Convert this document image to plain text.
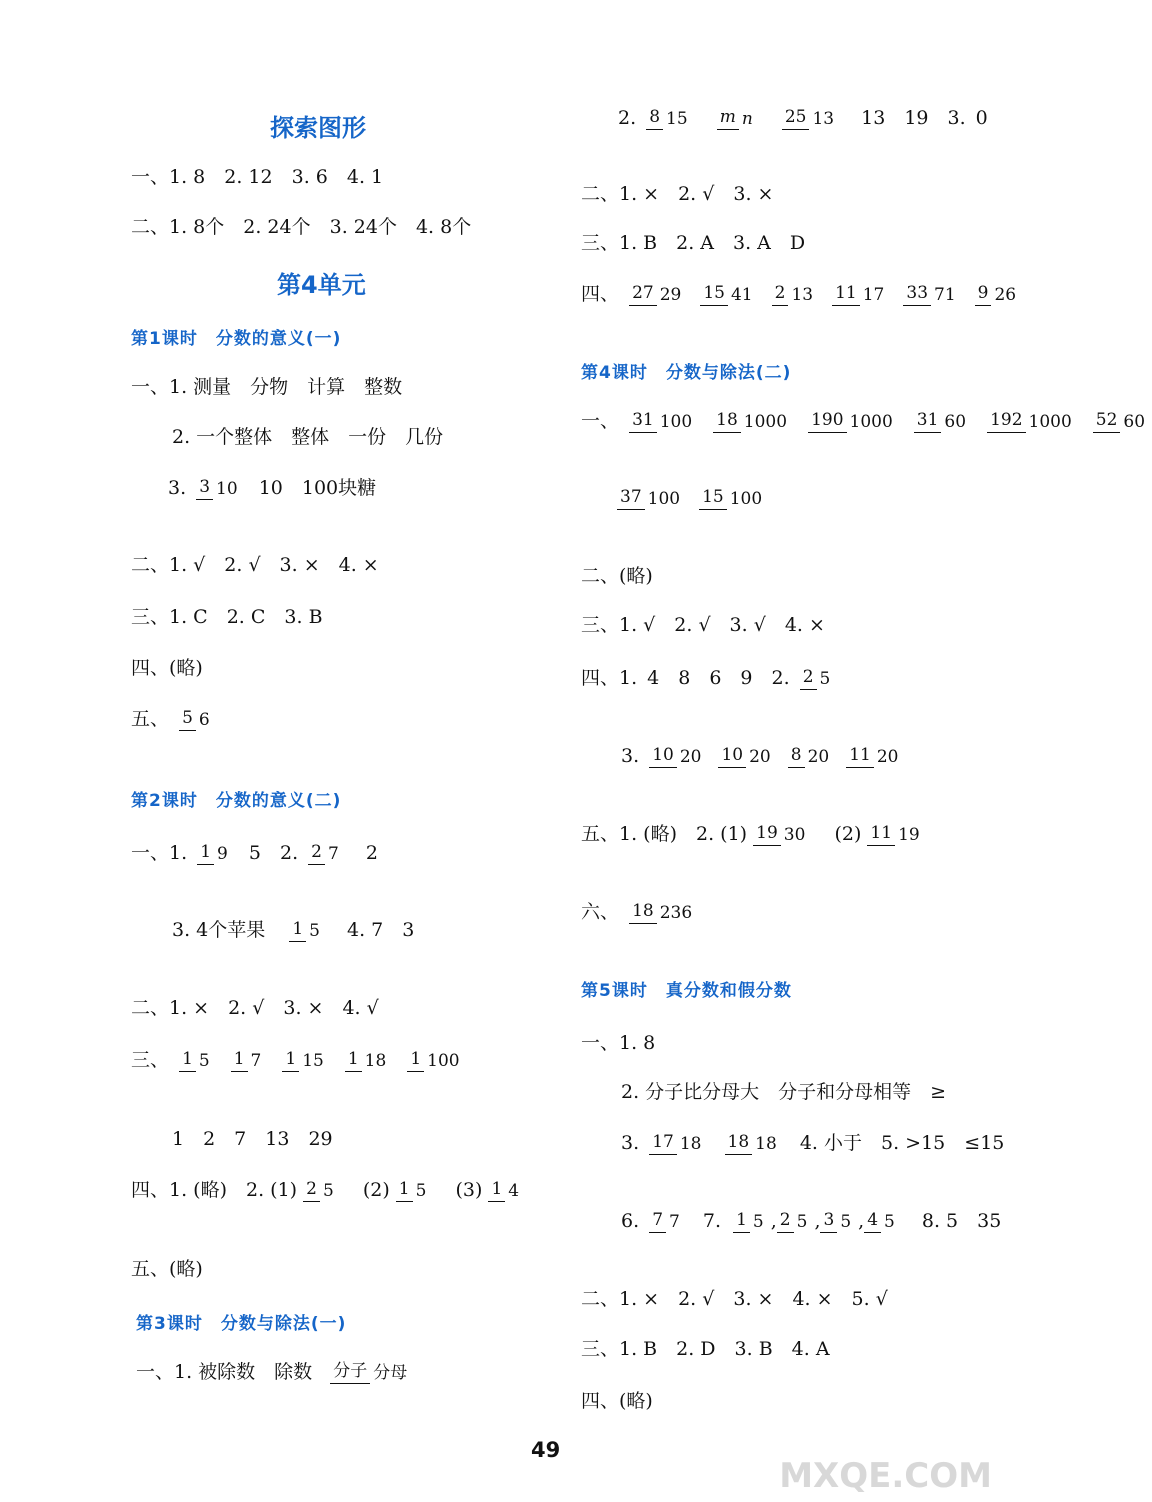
探索图形
一、1. 8　2. 12　3. 6　4. 1
二、1. 8个　2. 24个　3. 24个　4. 8个
第4单元
第1课时　分数的意义(一)
一、1. 测量　分物　计算　整数
2. 一个整体　整体　一份　几份
3. 3 10 10　100块糖
二、1. √　2. √　3. ×　4. ×
三、1. C　2. C　3. B
四、(略)
五、 5 6
第2课时　分数的意义(二)
一、1. 1 9 5　2. 2 7 2
3. 4个苹果 1 5 4. 7　3
二、1. ×　2. √　3. ×　4. √
三、 1 5 1 7 1 15 1 18 1 100
1　2　7　13　29
四、1. (略)　2. (1) 2 5 (2) 1 5 (3) 1 4
五、(略)
第3课时　分数与除法(一)
一、1. 被除数　除数 分子 分母
2. 8 15 m n 25 13 13　19　3. 0
二、1. ×　2. √　3. ×
三、1. B　2. A　3. A　D
四、 27 29 15 41 2 13 11 17 33 71 9 26
第4课时　分数与除法(二)
一、 31 100 18 1000 190 1000 31 60 192 1000 52 60
37 100 15 100
二、(略)
三、1. √　2. √　3. √　4. ×
四、1. 4　8　6　9　2. 2 5
3. 10 20 10 20 8 20 11 20
五、1. (略)　2. (1) 19 30 (2) 11 19
六、 18 236
第5课时　真分数和假分数
一、1. 8
2. 分子比分母大　分子和分母相等　≥
3. 17 18 18 18 4. 小于　5. >15　≤15
6. 7 7 7. 1 5 , 2 5 , 3 5 , 4 5 8. 5　35
二、1. ×　2. √　3. ×　4. ×　5. √
三、1. B　2. D　3. B　4. A
四、(略)
49
MXQE.COM
